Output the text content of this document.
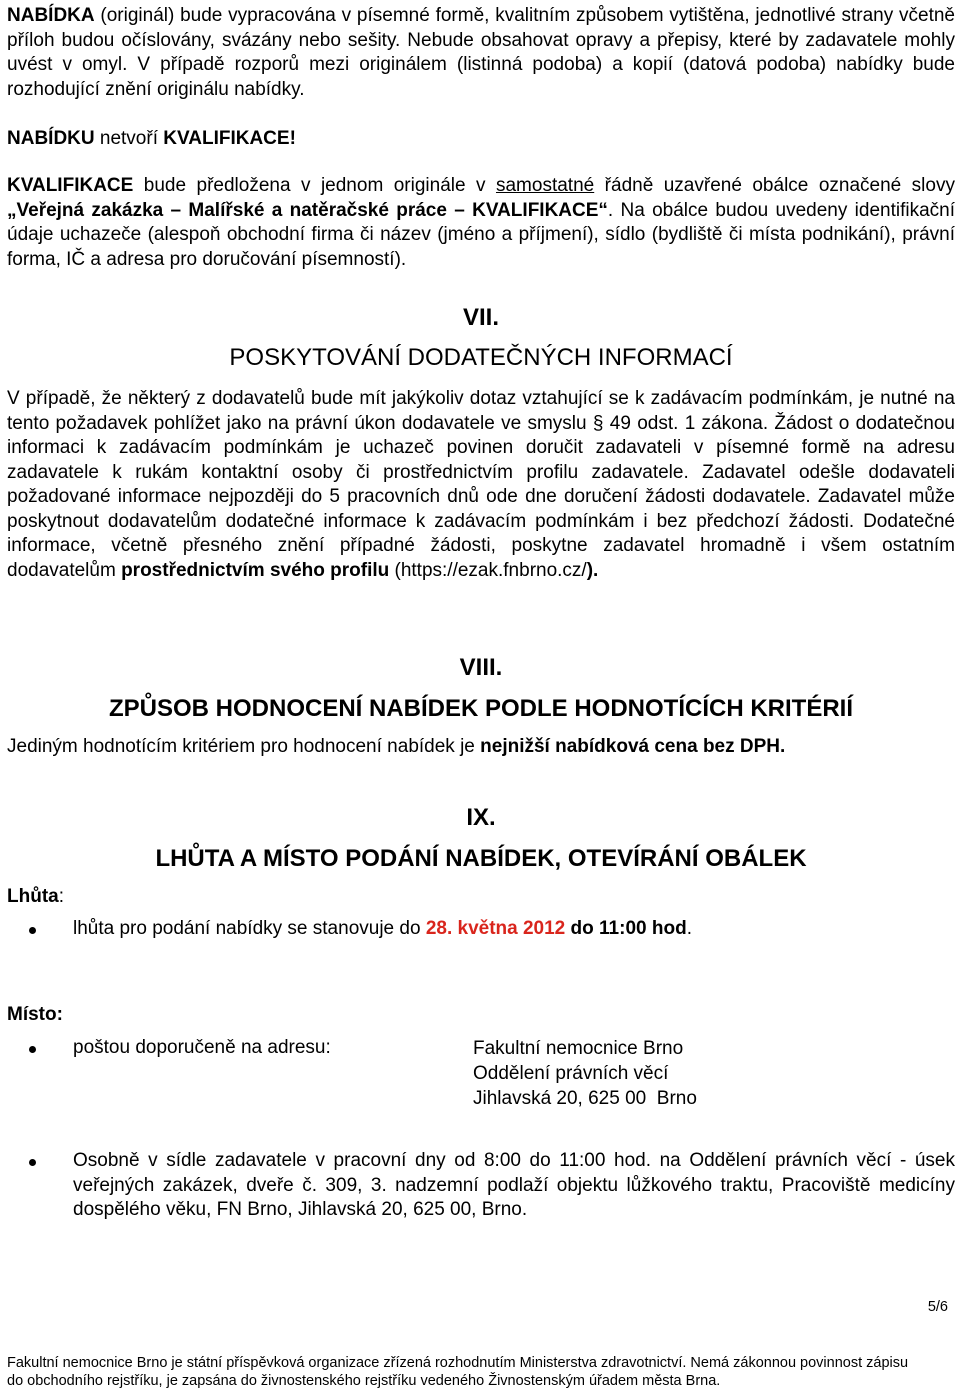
NABÍDKA (originál) bude vypracována v písemné formě, kvalitním způsobem vytištěna, jednotlivé strany včetně příloh budou očíslovány, svázány nebo sešity. Nebude obsahovat opravy a přepisy, které by zadavatele mohly uvést v omyl. V případě rozporů mezi originálem (listinná podoba) a kopií (datová podoba) nabídky bude rozhodující znění originálu nabídky.

NABÍDKU netvoří KVALIFIKACE!

KVALIFIKACE bude předložena v jednom originále v samostatné řádně uzavřené obálce označené slovy „Veřejná zakázka – Malířské a natěračské práce – KVALIFIKACE“. Na obálce budou uvedeny identifikační údaje uchazeče (alespoň obchodní firma či název (jméno a příjmení), sídlo (bydliště či místa podnikání), právní forma, IČ a adresa pro doručování písemností).

VII.
POSKYTOVÁNÍ DODATEČNÝCH INFORMACÍ

V případě, že některý z dodavatelů bude mít jakýkoliv dotaz vztahující se k zadávacím podmínkám, je nutné na tento požadavek pohlížet jako na právní úkon dodavatele ve smyslu § 49 odst. 1 zákona. Žádost o dodatečnou informaci k zadávacím podmínkám je uchazeč povinen doručit zadavateli v písemné formě na adresu zadavatele k rukám kontaktní osoby či prostřednictvím profilu zadavatele. Zadavatel odešle dodavateli požadované informace nejpozději do 5 pracovních dnů ode dne doručení žádosti dodavatele. Zadavatel může poskytnout dodavatelům dodatečné informace k zadávacím podmínkám i bez předchozí žádosti. Dodatečné informace, včetně přesného znění případné žádosti, poskytne zadavatel hromadně i všem ostatním dodavatelům prostřednictvím svého profilu (https://ezak.fnbrno.cz/).

VIII.
ZPŮSOB HODNOCENÍ NABÍDEK PODLE HODNOTÍCÍCH KRITÉRIÍ

Jediným hodnotícím kritériem pro hodnocení nabídek je nejnižší nabídková cena bez DPH.

IX.
LHŮTA A MÍSTO PODÁNÍ NABÍDEK, OTEVÍRÁNÍ OBÁLEK

Lhůta:

lhůta pro podání nabídky se stanovuje do 28. května 2012 do 11:00 hod.

Místo:

poštou doporučeně na adresu:	Fakultní nemocnice Brno
Oddělení právních věcí
Jihlavská 20, 625 00  Brno
Osobně v sídle zadavatele v pracovní dny od 8:00 do 11:00 hod. na Oddělení právních věcí - úsek veřejných zakázek, dveře č. 309, 3. nadzemní podlaží objektu lůžkového traktu, Pracoviště medicíny dospělého věku, FN Brno, Jihlavská 20, 625 00, Brno.
5/6
Fakultní nemocnice Brno je státní příspěvková organizace zřízená rozhodnutím Ministerstva zdravotnictví. Nemá zákonnou povinnost zápisu
do obchodního rejstříku, je zapsána do živnostenského rejstříku vedeného Živnostenským úřadem města Brna.
